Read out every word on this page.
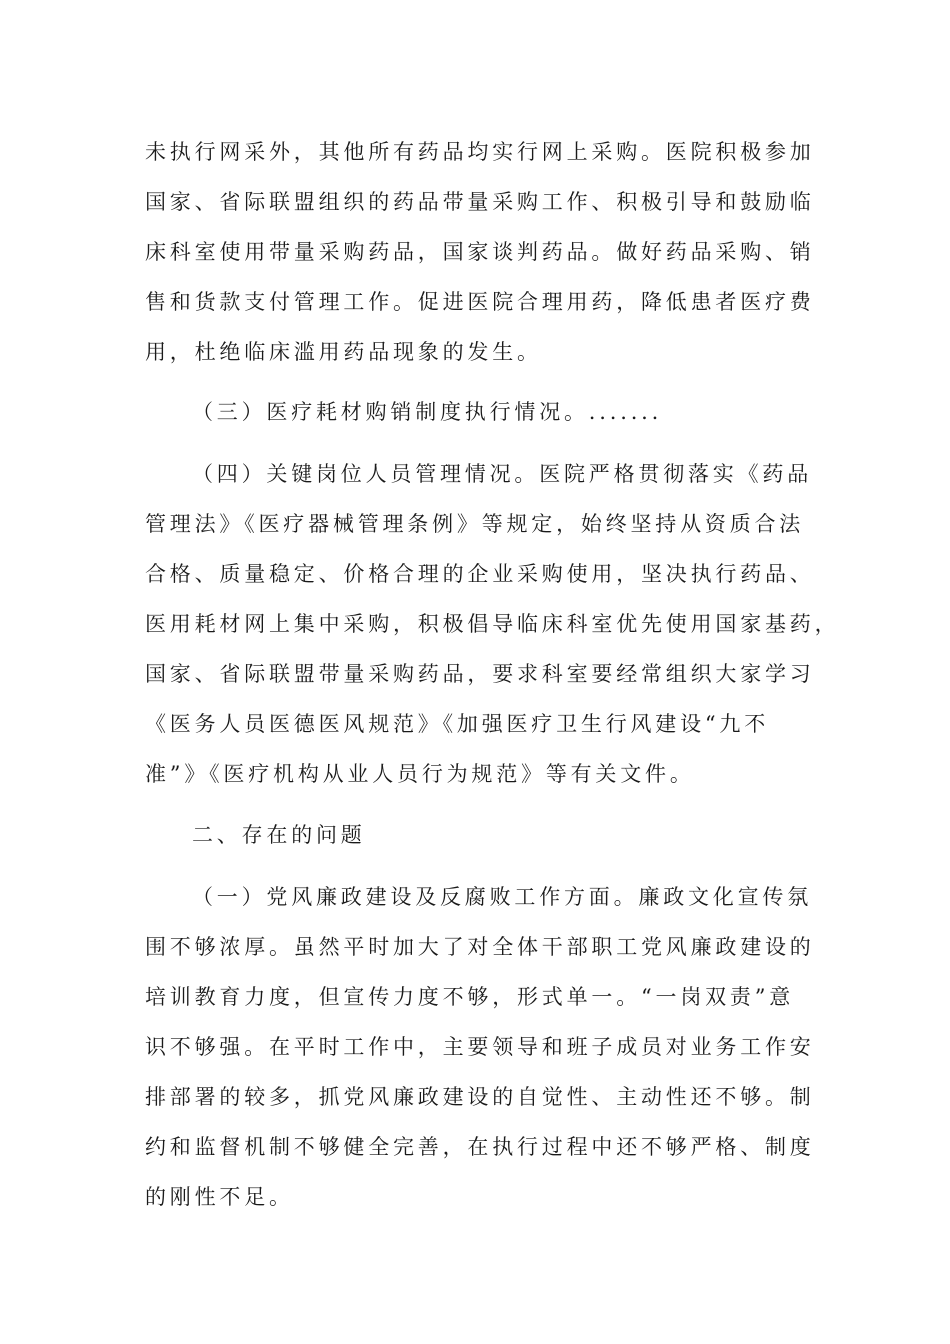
未执行网采外，其他所有药品均实行网上采购。医院积极参加
国家、省际联盟组织的药品带量采购工作、积极引导和鼓励临
床科室使用带量采购药品，国家谈判药品。做好药品采购、销
售和货款支付管理工作。促进医院合理用药，降低患者医疗费
用，杜绝临床滥用药品现象的发生。
（三）医疗耗材购销制度执行情况。.......
（四）关键岗位人员管理情况。医院严格贯彻落实《药品
管理法》《医疗器械管理条例》等规定，始终坚持从资质合法
合格、质量稳定、价格合理的企业采购使用，坚决执行药品、
医用耗材网上集中采购，积极倡导临床科室优先使用国家基药，
国家、省际联盟带量采购药品，要求科室要经常组织大家学习
《医务人员医德医风规范》《加强医疗卫生行风建设“九不
准”》《医疗机构从业人员行为规范》等有关文件。
二、存在的问题
（一）党风廉政建设及反腐败工作方面。廉政文化宣传氛
围不够浓厚。虽然平时加大了对全体干部职工党风廉政建设的
培训教育力度，但宣传力度不够，形式单一。“一岗双责”意
识不够强。在平时工作中，主要领导和班子成员对业务工作安
排部署的较多，抓党风廉政建设的自觉性、主动性还不够。制
约和监督机制不够健全完善，在执行过程中还不够严格、制度
的刚性不足。
